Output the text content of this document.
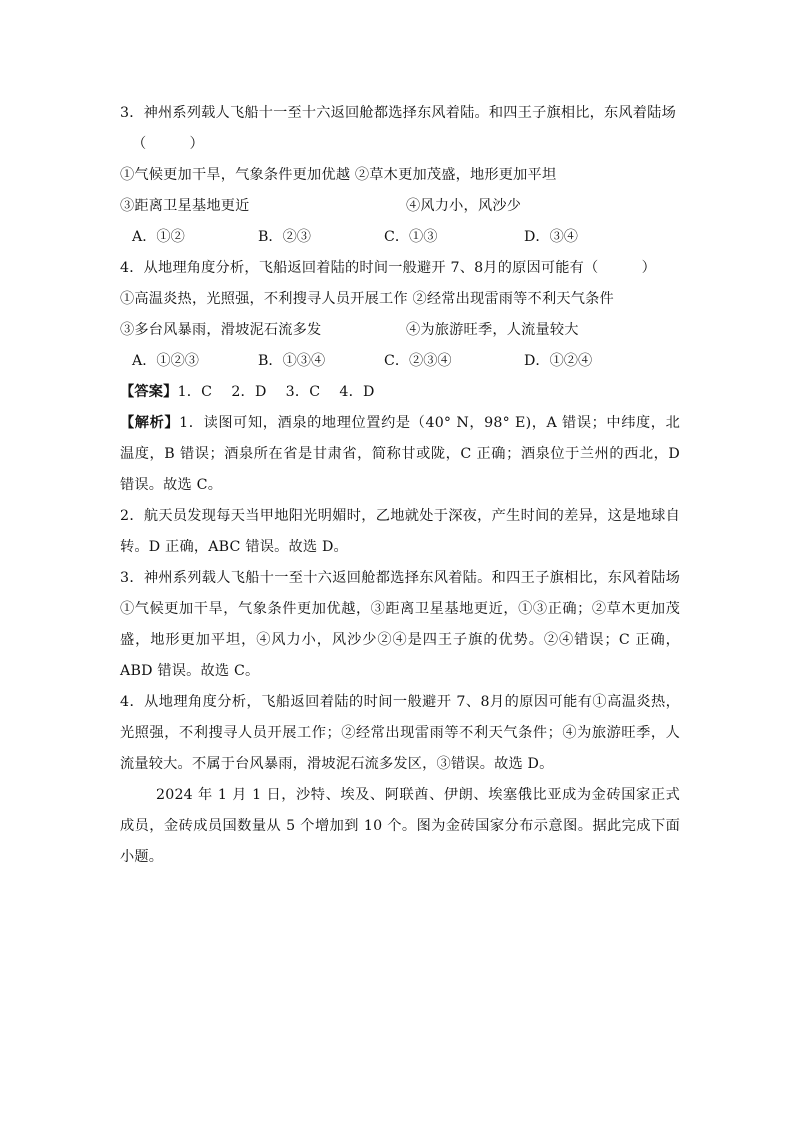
3．神州系列载人飞船十一至十六返回舱都选择东风着陆。和四王子旗相比，东风着陆场
（　　　）
①气候更加干旱，气象条件更加优越 ②草木更加茂盛，地形更加平坦
③距离卫星基地更近	④风力小，风沙少
A．①②	B．②③	C．①③	D．③④
4．从地理角度分析，飞船返回着陆的时间一般避开 7、8月的原因可能有（　　　）
①高温炎热，光照强，不利搜寻人员开展工作 ②经常出现雷雨等不利天气条件
③多台风暴雨，滑坡泥石流多发	④为旅游旺季，人流量较大
A．①②③	B．①③④	C．②③④	D．①②④
【答案】1．C　 2．D　 3．C　 4．D
【解析】1．读图可知，酒泉的地理位置约是（40° N，98° E)，A 错误；中纬度，北温度，B 错误；酒泉所在省是甘肃省，简称甘或陇，C 正确；酒泉位于兰州的西北，D 错误。故选 C。
2．航天员发现每天当甲地阳光明媚时，乙地就处于深夜，产生时间的差异，这是地球自转。D 正确，ABC 错误。故选 D。
3．神州系列载人飞船十一至十六返回舱都选择东风着陆。和四王子旗相比，东风着陆场①气候更加干旱，气象条件更加优越，③距离卫星基地更近，①③正确；②草木更加茂盛，地形更加平坦，④风力小，风沙少②④是四王子旗的优势。②④错误；C 正确，ABD 错误。故选 C。
4．从地理角度分析，飞船返回着陆的时间一般避开 7、8月的原因可能有①高温炎热，光照强，不利搜寻人员开展工作；②经常出现雷雨等不利天气条件；④为旅游旺季，人流量较大。不属于台风暴雨，滑坡泥石流多发区，③错误。故选 D。
2024 年 1 月 1 日，沙特、埃及、阿联酋、伊朗、埃塞俄比亚成为金砖国家正式成员，金砖成员国数量从 5 个增加到 10 个。图为金砖国家分布示意图。据此完成下面小题。
